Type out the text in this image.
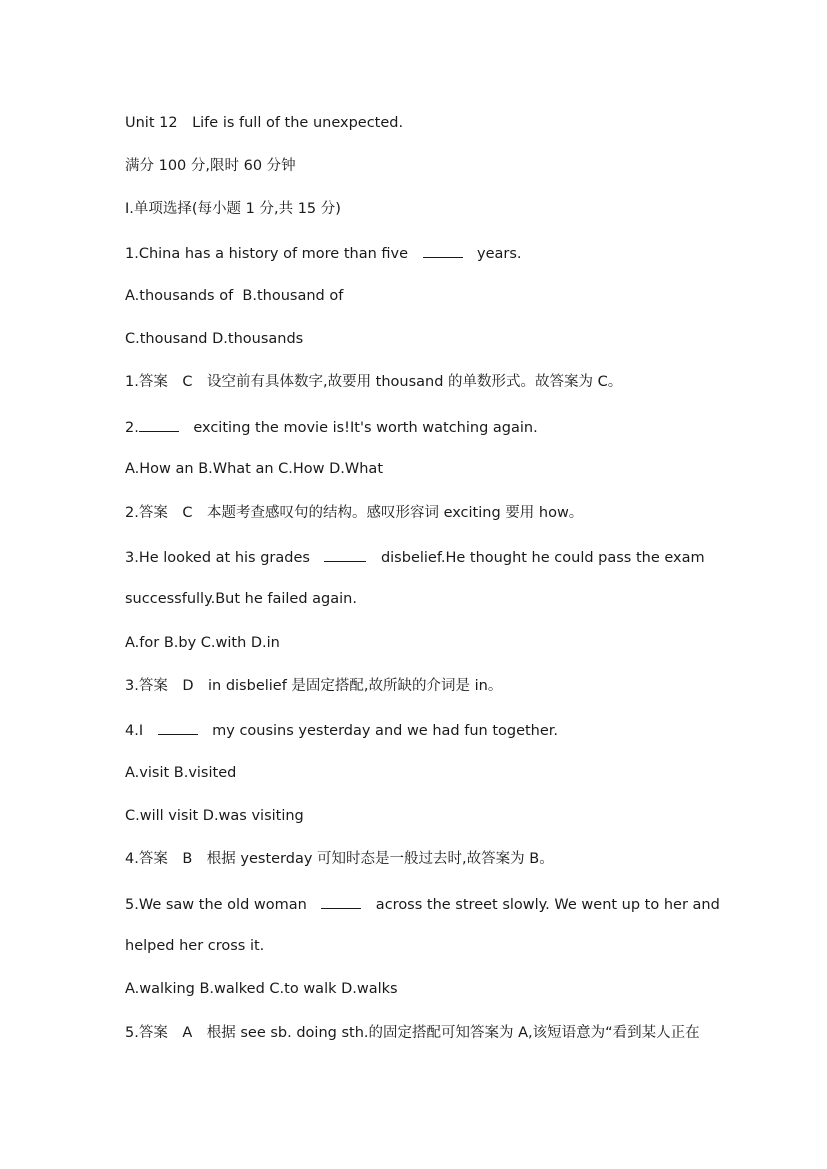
Unit 12　Life is full of the unexpected.

满分 100 分,限时 60 分钟

Ⅰ.单项选择(每小题 1 分,共 15 分)

1.China has a history of more than five　	　years.

A.thousands of  B.thousand of

C.thousand D.thousands

1.答案　C　设空前有具体数字,故要用 thousand 的单数形式。故答案为 C。

2.	　exciting the movie is!It's worth watching again.

A.How an B.What an C.How D.What

2.答案　C　本题考查感叹句的结构。感叹形容词 exciting 要用 how。

3.He looked at his grades　	　disbelief.He thought he could pass the exam

successfully.But he failed again.

A.for B.by C.with D.in

3.答案　D　in disbelief 是固定搭配,故所缺的介词是 in。

4.I　	　my cousins yesterday and we had fun together.

A.visit B.visited

C.will visit D.was visiting

4.答案　B　根据 yesterday 可知时态是一般过去时,故答案为 B。

5.We saw the old woman　	　across the street slowly. We went up to her and

helped her cross it.

A.walking B.walked C.to walk D.walks

5.答案　A　根据 see sb. doing sth.的固定搭配可知答案为 A,该短语意为“看到某人正在
